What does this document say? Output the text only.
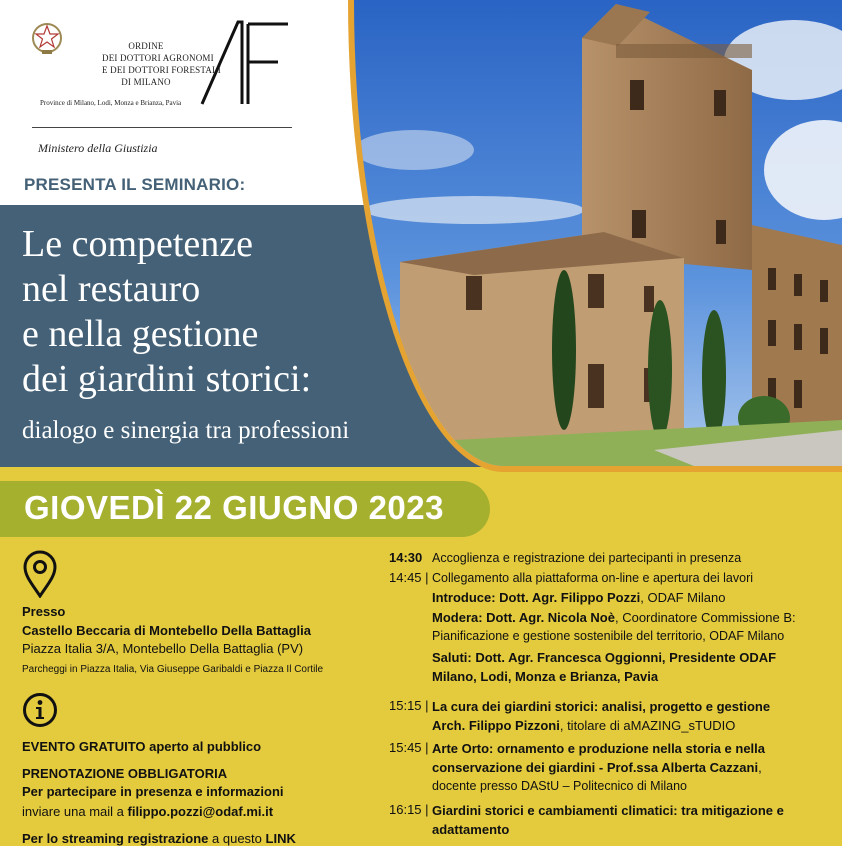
ORDINE
DEI DOTTORI AGRONOMI
E DEI DOTTORI FORESTALI
DI MILANO
Province di Milano, Lodi, Monza e Brianza, Pavia
Ministero della Giustizia
PRESENTA IL SEMINARIO:
Le competenze
nel restauro
e nella gestione
dei giardini storici:
dialogo e sinergia tra professioni
GIOVEDÌ 22 GIUGNO 2023
Presso
Castello Beccaria di Montebello Della Battaglia
Piazza Italia 3/A, Montebello Della Battaglia (PV)
Parcheggi in Piazza Italia, Via Giuseppe Garibaldi e Piazza Il Cortile
EVENTO GRATUITO aperto al pubblico
PRENOTAZIONE OBBLIGATORIA
Per partecipare in presenza e informazioni
inviare una mail a filippo.pozzi@odaf.mi.it
Per lo streaming registrazione a questo LINK
14:30 Accoglienza e registrazione dei partecipanti in presenza
14:45 | Collegamento alla piattaforma on-line e apertura dei lavori
Introduce: Dott. Agr. Filippo Pozzi, ODAF Milano
Modera: Dott. Agr. Nicola Noè, Coordinatore Commissione B:
Pianificazione e gestione sostenibile del territorio, ODAF Milano
Saluti: Dott. Agr. Francesca Oggionni, Presidente ODAF
Milano, Lodi, Monza e Brianza, Pavia
15:15 | La cura dei giardini storici: analisi, progetto e gestione
Arch. Filippo Pizzoni, titolare di aMAZING_sTUDIO
15:45 | Arte Orto: ornamento e produzione nella storia e nella
conservazione dei giardini - Prof.ssa Alberta Cazzani,
docente presso DAStU – Politecnico di Milano
16:15 | Giardini storici e cambiamenti climatici: tra mitigazione e
adattamento
